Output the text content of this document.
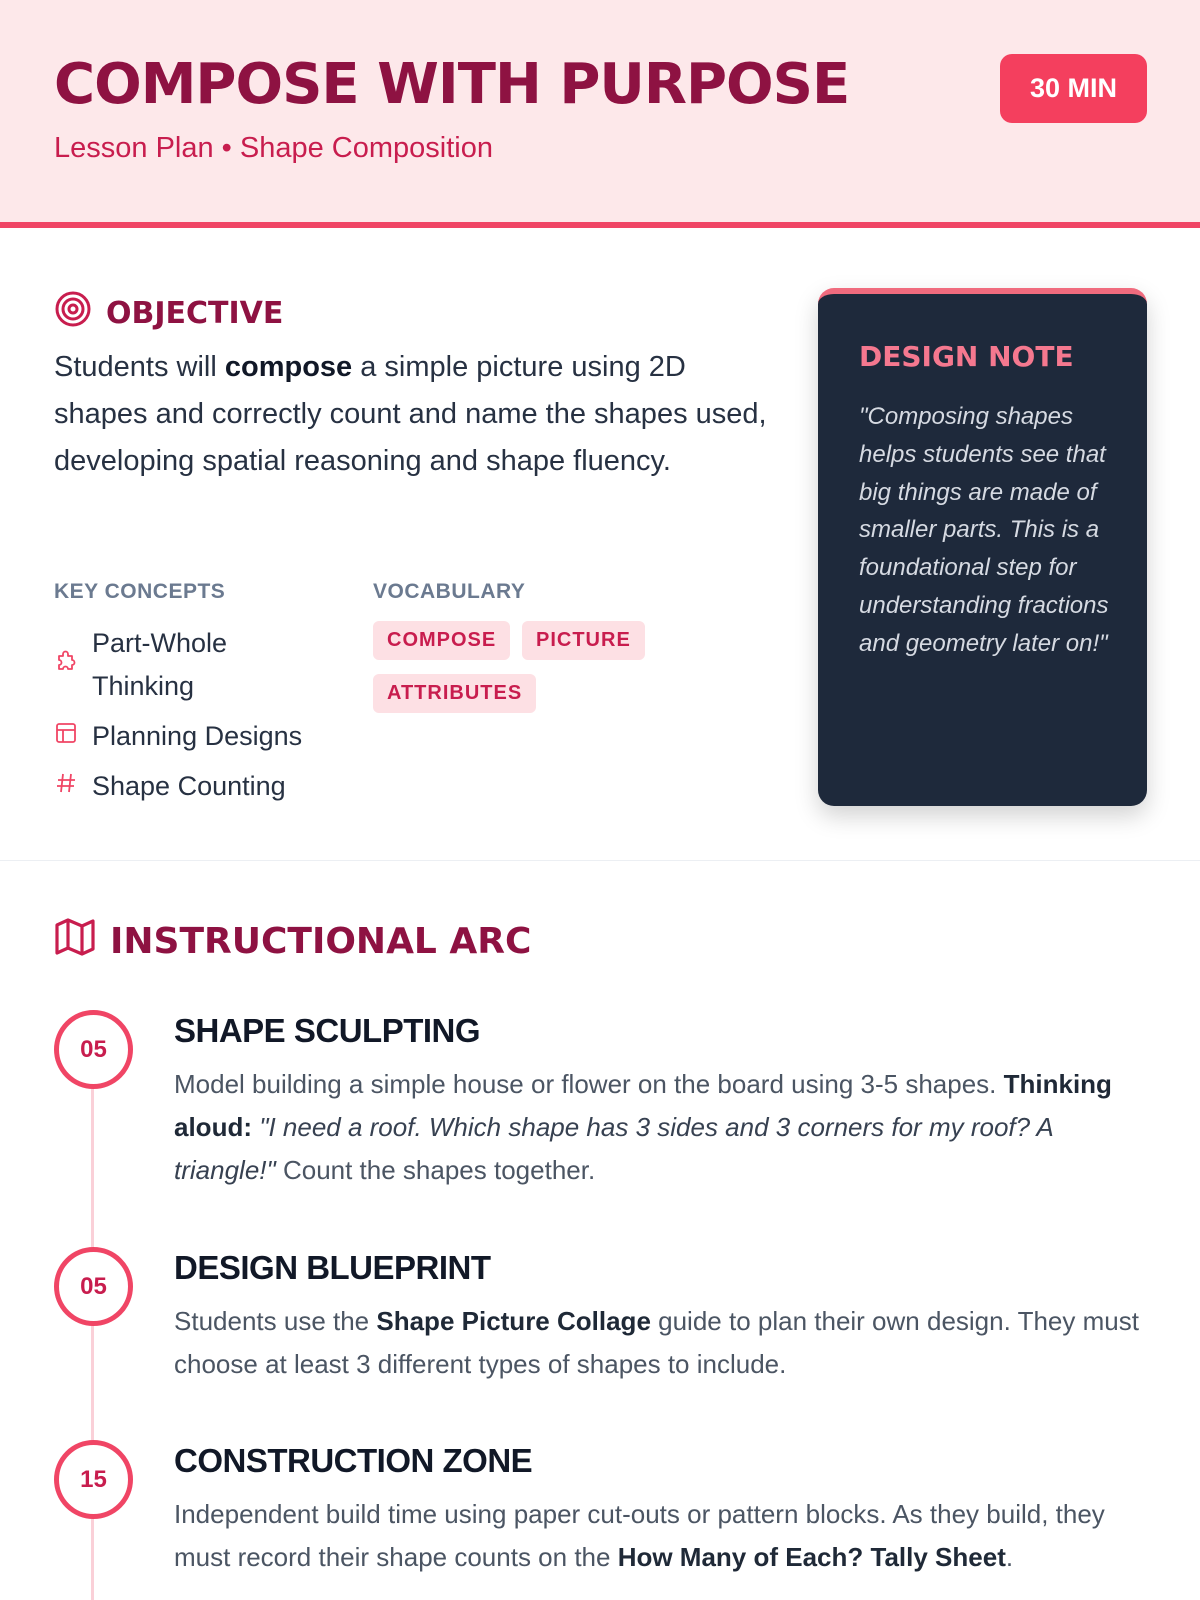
COMPOSE WITH PURPOSE
Lesson Plan • Shape Composition
30 MIN
OBJECTIVE

Students will compose a simple picture using 2D shapes and correctly count and name the shapes used, developing spatial reasoning and shape fluency.

KEY CONCEPTS
Part-Whole Thinking
Planning Designs
Shape Counting
VOCABULARY
COMPOSE	PICTURE
ATTRIBUTES
DESIGN NOTE

"Composing shapes helps students see that big things are made of smaller parts. This is a foundational step for understanding fractions and geometry later on!"

INSTRUCTIONAL ARC
05	SHAPE SCULPTING

Model building a simple house or flower on the board using 3-5 shapes. Thinking aloud: "I need a roof. Which shape has 3 sides and 3 corners for my roof? A triangle!" Count the shapes together.

05	DESIGN BLUEPRINT

Students use the Shape Picture Collage guide to plan their own design. They must choose at least 3 different types of shapes to include.

15	CONSTRUCTION ZONE

Independent build time using paper cut-outs or pattern blocks. As they build, they must record their shape counts on the How Many of Each? Tally Sheet.
